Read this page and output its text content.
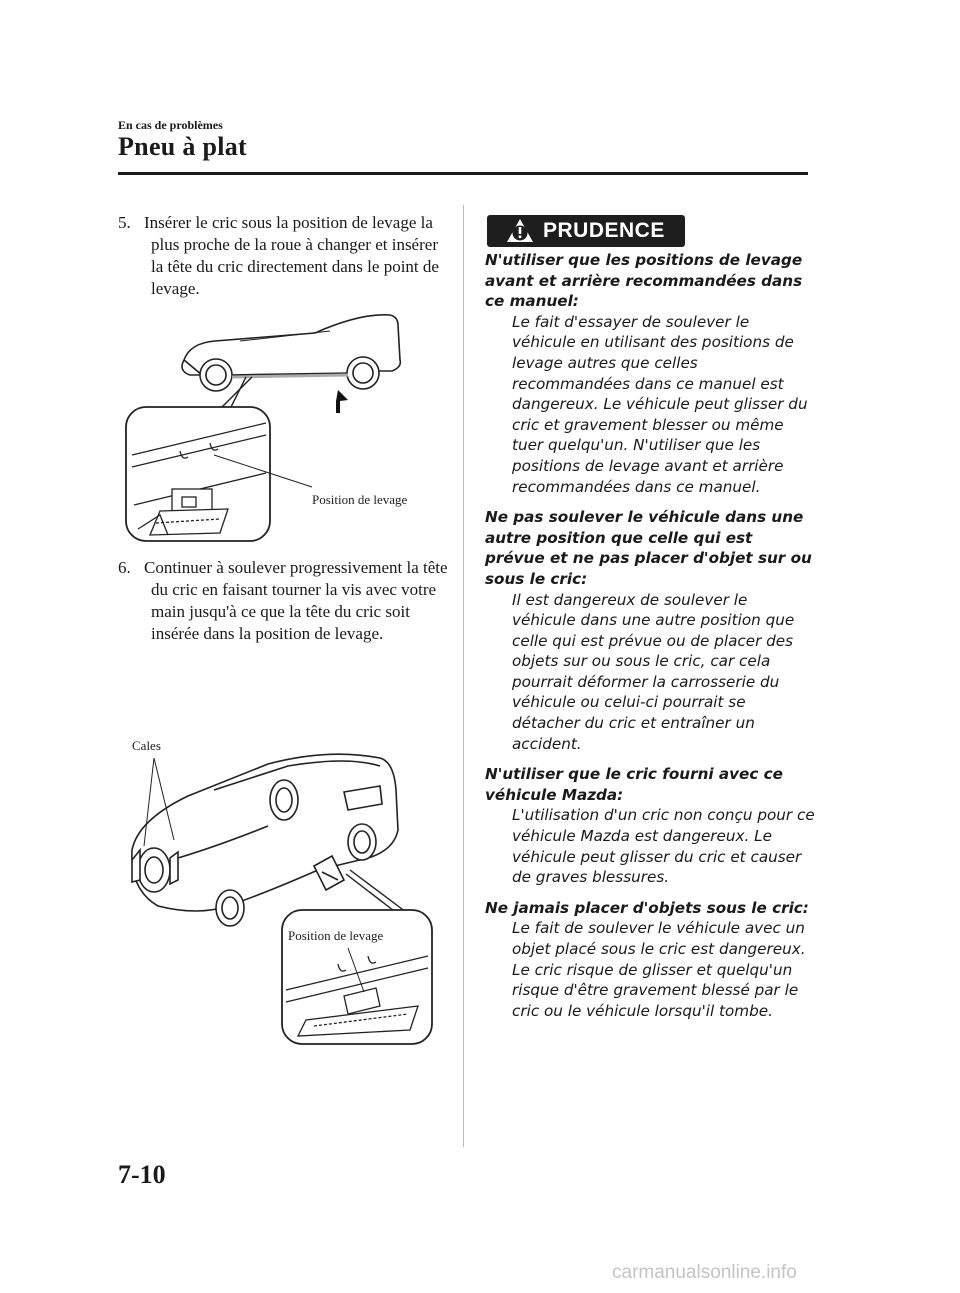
En cas de problèmes
Pneu à plat
5. Insérer le cric sous la position de levage la plus proche de la roue à changer et insérer la tête du cric directement dans le point de levage.
Position de levage
6. Continuer à soulever progressivement la tête du cric en faisant tourner la vis avec votre main jusqu'à ce que la tête du cric soit insérée dans la position de levage.
Cales
Position de levage
PRUDENCE
N'utiliser que les positions de levage avant et arrière recommandées dans ce manuel:
Le fait d'essayer de soulever le véhicule en utilisant des positions de levage autres que celles recommandées dans ce manuel est dangereux. Le véhicule peut glisser du cric et gravement blesser ou même tuer quelqu'un. N'utiliser que les positions de levage avant et arrière recommandées dans ce manuel.
Ne pas soulever le véhicule dans une autre position que celle qui est prévue et ne pas placer d'objet sur ou sous le cric:
Il est dangereux de soulever le véhicule dans une autre position que celle qui est prévue ou de placer des objets sur ou sous le cric, car cela pourrait déformer la carrosserie du véhicule ou celui-ci pourrait se détacher du cric et entraîner un accident.
N'utiliser que le cric fourni avec ce véhicule Mazda:
L'utilisation d'un cric non conçu pour ce véhicule Mazda est dangereux. Le véhicule peut glisser du cric et causer de graves blessures.
Ne jamais placer d'objets sous le cric:
Le fait de soulever le véhicule avec un objet placé sous le cric est dangereux. Le cric risque de glisser et quelqu'un risque d'être gravement blessé par le cric ou le véhicule lorsqu'il tombe.
7-10
carmanualsonline.info
